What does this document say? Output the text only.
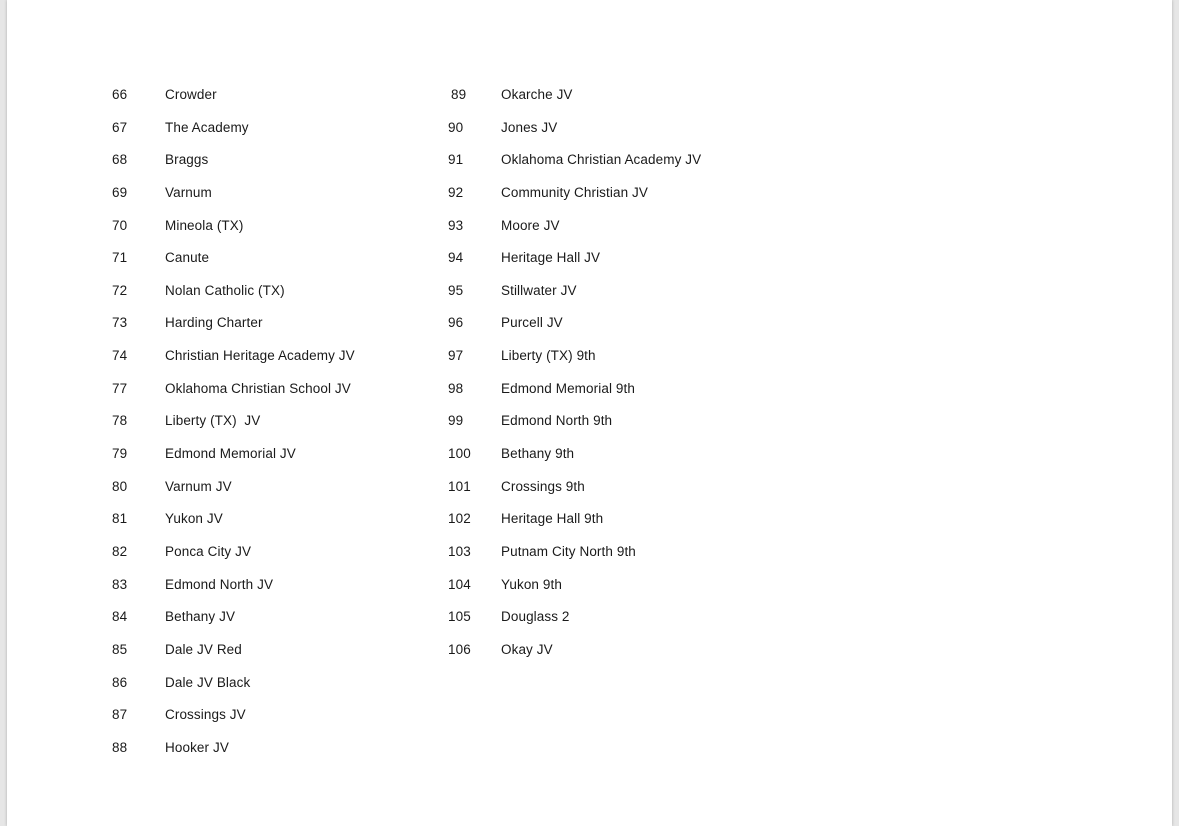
66	Crowder
67	The Academy
68	Braggs
69	Varnum
70	Mineola (TX)
71	Canute
72	Nolan Catholic (TX)
73	Harding Charter
74	Christian Heritage Academy JV
77	Oklahoma Christian School JV
78	Liberty (TX)  JV
79	Edmond Memorial JV
80	Varnum JV
81	Yukon JV
82	Ponca City JV
83	Edmond North JV
84	Bethany JV
85	Dale JV Red
86	Dale JV Black
87	Crossings JV
88	Hooker JV
89	Okarche JV
90	Jones JV
91	Oklahoma Christian Academy JV
92	Community Christian JV
93	Moore JV
94	Heritage Hall JV
95	Stillwater JV
96	Purcell JV
97	Liberty (TX) 9th
98	Edmond Memorial 9th
99	Edmond North 9th
100 Bethany 9th
101 Crossings 9th
102 Heritage Hall 9th
103 Putnam City North 9th
104 Yukon 9th
105 Douglass 2
106 Okay JV
